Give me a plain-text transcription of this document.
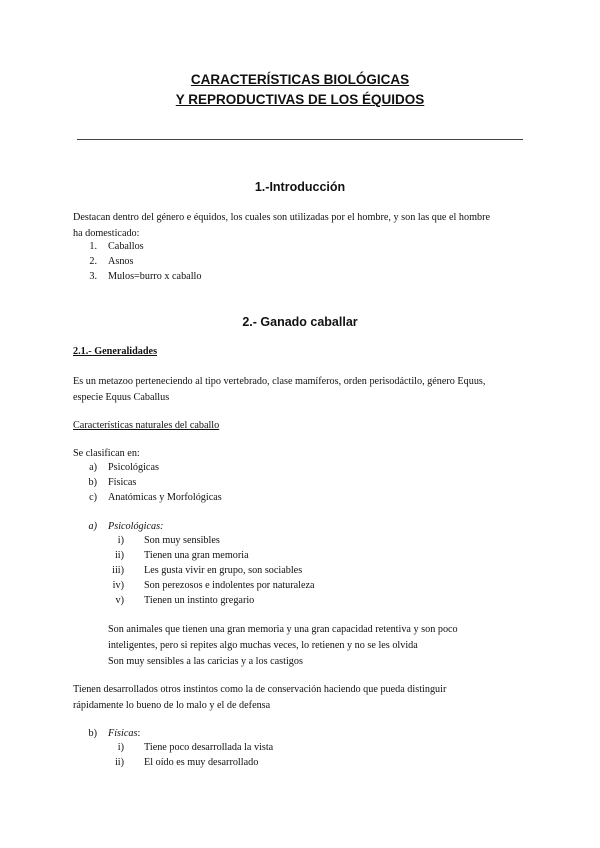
CARACTERÍSTICAS BIOLÓGICAS
Y REPRODUCTIVAS DE LOS ÉQUIDOS
1.-Introducción
Destacan dentro del género e équidos, los cuales son utilizadas por el hombre, y son las que el hombre
ha domesticado:
1. Caballos
2. Asnos
3. Mulos=burro x caballo
2.- Ganado caballar
2.1.- Generalidades
Es un metazoo perteneciendo al tipo vertebrado, clase mamíferos, orden perisodáctilo, género Equus,
especie Equus Caballus
Características naturales del caballo
Se clasifican en:
a) Psicológicas
b) Físicas
c) Anatómicas y Morfológicas
a) Psicológicas:
i) Son muy sensibles
ii) Tienen una gran memoria
iii) Les gusta vivir en grupo, son sociables
iv) Son perezosos e indolentes por naturaleza
v) Tienen un instinto gregario
Son animales que tienen una gran memoria y una gran capacidad retentiva y son poco
inteligentes, pero si repites algo muchas veces, lo retienen y no se les olvida
Son muy sensibles a las caricias y a los castigos
Tienen desarrollados otros instintos como la de conservación haciendo que pueda distinguir
rápidamente lo bueno de lo malo y el de defensa
b) Físicas:
i) Tiene poco desarrollada la vista
ii) El oído es muy desarrollado
